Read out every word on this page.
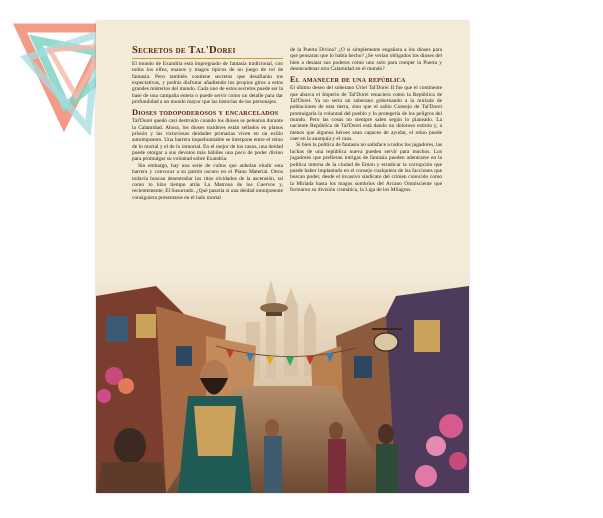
Secretos de Tal'Dorei

El mundo de Exandria está impregnado de fantasía tradicional, con todos los elfos, enanos y magos típicos de un juego de rol de fantasía. Pero también contiene secretos que desafiarán tus expectativas, y podrás disfrutar añadiendo tus propios giros a estos grandes misterios del mundo. Cada uno de estos secretos puede ser la base de una campaña entera o puede servir como un detalle para dar profundidad a un mundo mayor que las historias de los personajes.

Dioses todopoderosos y encarcelados

Tal'Dorei quedó casi destruido cuando los dioses se pelearon durante la Calamidad. Ahora, los dioses traidores están sellados en planos prisión y las victoriosas deidades primarias viven en un exilio autoimpuesto. Una barrera inquebrantable se interpone entre el reino de lo mortal y el de lo inmortal. En el mejor de los casos, una deidad puede otorgar a sus devotos más hábiles una poco de poder divino para promulgar su voluntad sobre Exandria.

Sin embargo, hay una serie de cultos que anhelan eludir esta barrera y convocar a su patrón oscuro en el Plano Material. Otros todavía buscan desentrañar los ritos olvidados de la ascensión, tal como lo hizo tiempo atrás La Matrona de los Cuervos y, recientemente, El Susurrado. ¿Qué pasaría si una deidad omnipotente consiguiera presentarse en el lado mortal

de la Puerta Divina? ¿O si simplemente engañara a los dioses para que pensaran que lo había hecho? ¿Se verían obligados los dioses del bien a desatar sus poderes como uno solo para romper la Puerta y desencadenar otra Calamidad en el mundo?

El amanecer de una república

El último deseo del soberano Uriel Tal'Dorei II fue que el continente que abarca el Imperio de Tal'Dorei renaciera como la República de Tal'Dorei. Ya no sería un soberano gobernando a la miríada de poblaciones de esta tierra, sino que el sabio Consejo de Tal'Dorei promulgaría la voluntad del pueblo y lo protegería de los peligros del mundo. Pero las cosas no siempre salen según lo planeado. La naciente República de Tal'Dorei está dando un doloroso estirón y, a menos que algunos héroes sean capaces de ayudar, el reino puede caer en la anarquía y el caos.

Si bien la política de fantasía no satisface a todos los jugadores, las luchas de una república nueva pueden servir para muchos. Los jugadores que prefieran intrigas de fantasía pueden adentrarse en la política interna de la ciudad de Emon y erradicar la corrupción que puede haber implantado en el consejo cualquiera de las facciones que buscan poder, desde el invasivo sindicato del crimen conocido como la Miríada hasta los magos sombríos del Arcano Omnisciente que formaron su división cismática, la Liga de los Milagros.
